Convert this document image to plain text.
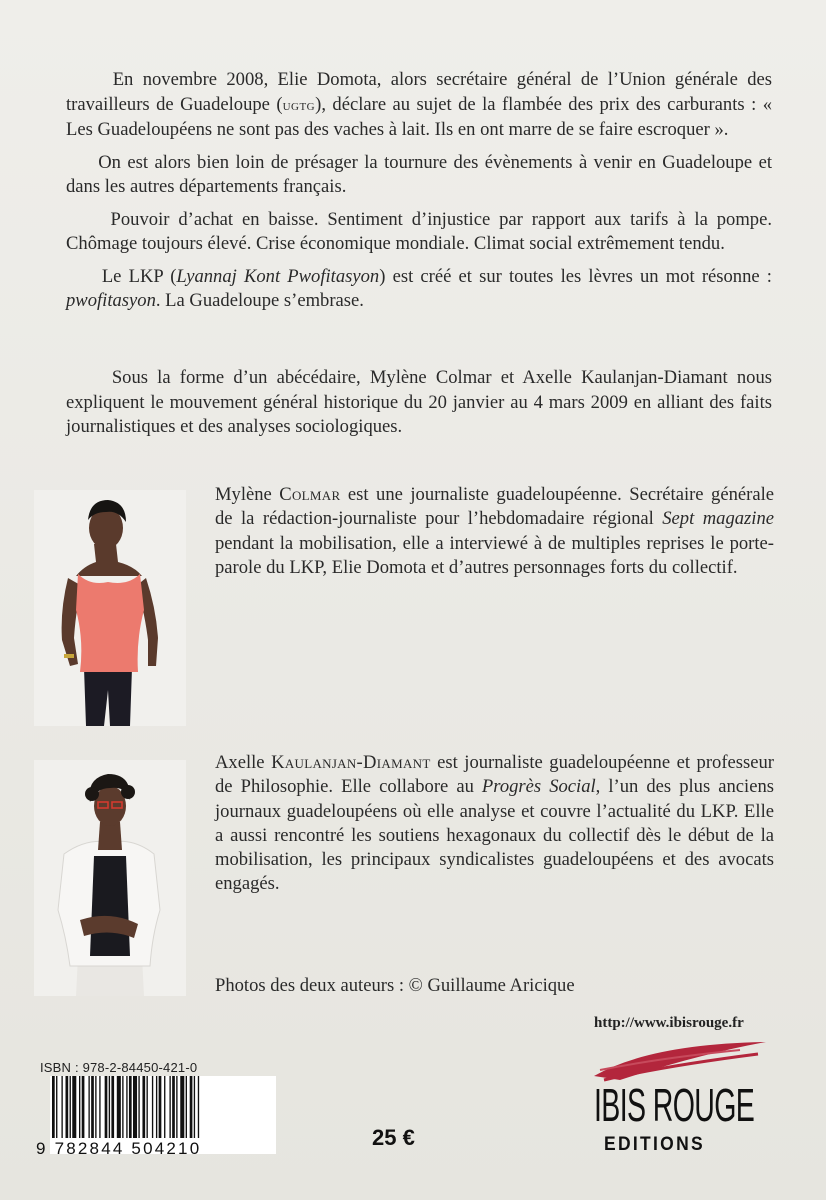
En novembre 2008, Elie Domota, alors secrétaire général de l’Union générale des travailleurs de Guadeloupe (ugtg), déclare au sujet de la flambée des prix des carburants : « Les Guadeloupéens ne sont pas des vaches à lait. Ils en ont marre de se faire escroquer ».

On est alors bien loin de présager la tournure des évènements à venir en Guadeloupe et dans les autres départements français.

Pouvoir d’achat en baisse. Sentiment d’injustice par rapport aux tarifs à la pompe. Chômage toujours élevé. Crise économique mondiale. Climat social extrêmement tendu.

Le LKP (Lyannaj Kont Pwofitasyon) est créé et sur toutes les lèvres un mot résonne : pwofitasyon. La Guadeloupe s’embrase.

Sous la forme d’un abécédaire, Mylène Colmar et Axelle Kaulanjan-Diamant nous expliquent le mouvement général historique du 20 janvier au 4 mars 2009 en alliant des faits journalistiques et des analyses sociologiques.

Mylène Colmar est une journaliste guadeloupéenne. Secrétaire générale de la rédaction-journaliste pour l’hebdomadaire régional Sept magazine pendant la mobilisation, elle a interviewé à de multiples reprises le porte-parole du LKP, Elie Domota et d’autres personnages forts du collectif.
Axelle Kaulanjan-Diamant est journaliste guadeloupéenne et professeur de Philosophie. Elle collabore au Progrès Social, l’un des plus anciens journaux guadeloupéens où elle analyse et couvre l’actualité du LKP. Elle a aussi rencontré les soutiens hexagonaux du collectif dès le début de la mobilisation, les principaux syndicalistes guadeloupéens et des avocats engagés.

Photos des deux auteurs : © Guillaume Aricique

http://www.ibisrouge.fr
ISBN : 978-2-84450-421-0
9 782844 504210	25 €
IBIS ROUGE
EDITIONS
